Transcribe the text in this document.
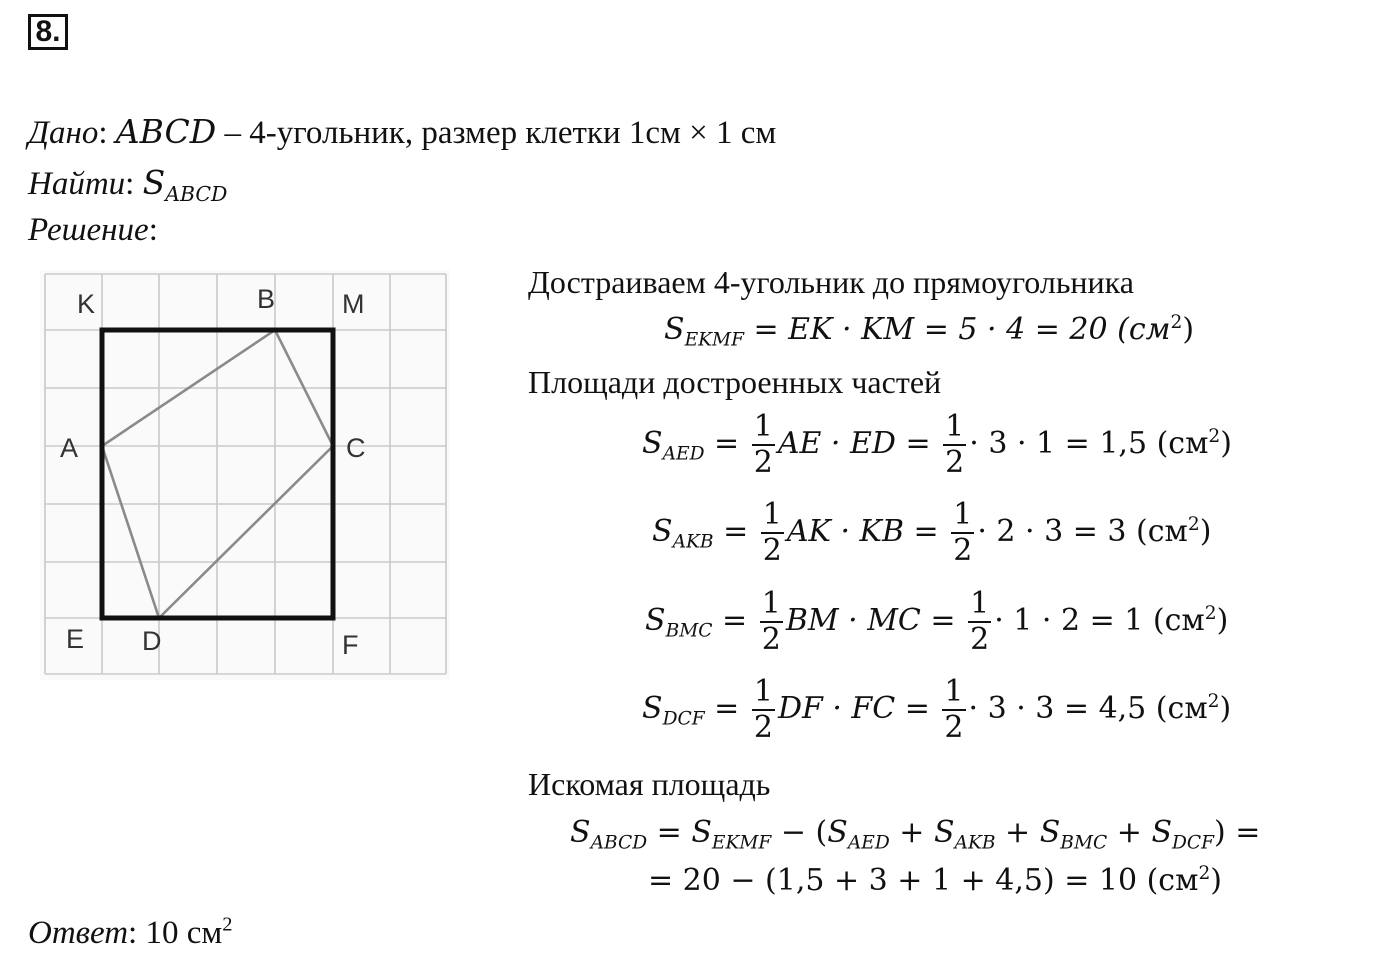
8.
Дано: ABCD – 4-угольник, размер клетки 1см × 1 см
Найти: $S_{ABCD}$
Решение:
K	B M
A	C
E D	F
Достраиваем 4-угольник до прямоугольника
$S_{EKMF}$ = EK · KM = 5 · 4 = 20 $(см^2)$
Площади достроенных частей
$S_{AED} = \frac{1}{2}$ AE · ED = $\frac{1}{2} \cdot 3 \cdot 1 = 1,5$ $(см^2)$
$S_{AKB} = \frac{1}{2}$ AK · KB = $\frac{1}{2} \cdot 2 \cdot 3 = 3$ $(см^2)$
$S_{BMC} = \frac{1}{2}$ BM · MC = $\frac{1}{2} \cdot 1 \cdot 2 = 1$ $(см^2)$
$S_{DCF} = \frac{1}{2}$ DF · FC = $\frac{1}{2} \cdot 3 \cdot 3 = 4,5$ $(см^2)$
Искомая площадь
$S_{ABCD} = S_{EKMF} - (S_{AED} + S_{AKB} + S_{BMC} + S_{DCF})$ =
= 20 − (1,5 + 3 + 1 + 4,5) = 10 $(см^2)$
Ответ: 10 $см^2$
